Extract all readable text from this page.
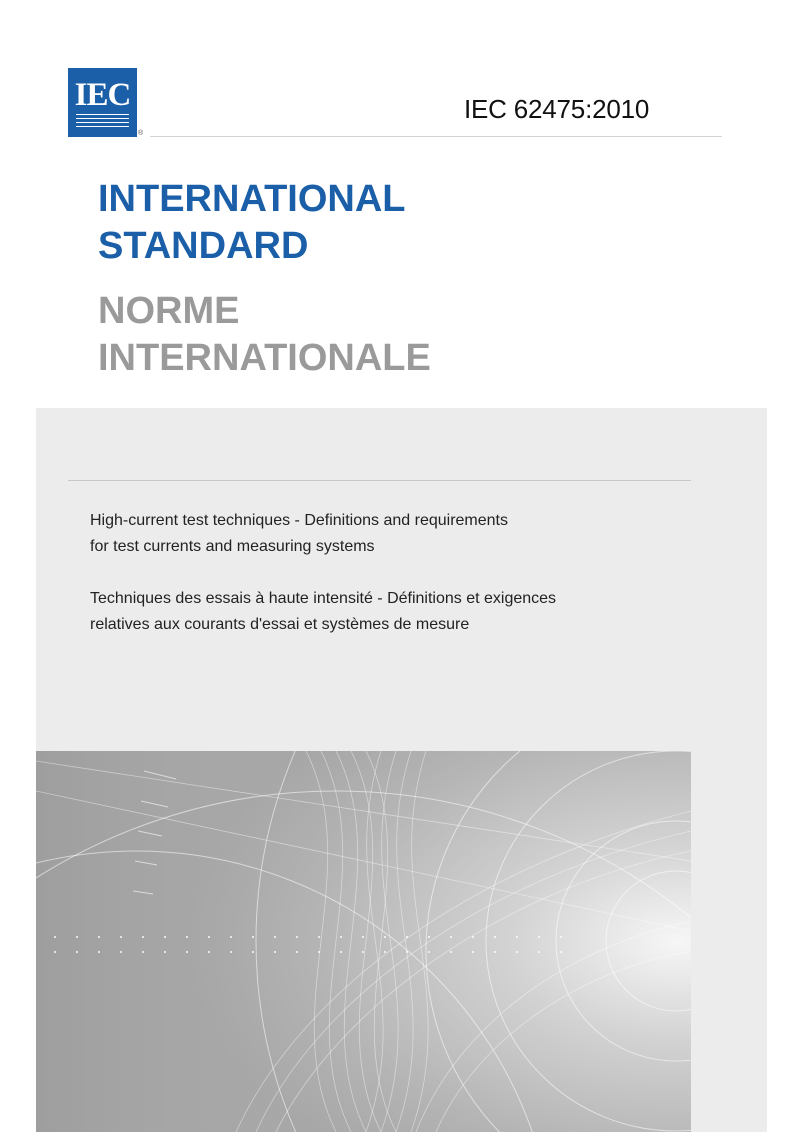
IEC
®
IEC 62475:2010
INTERNATIONAL
STANDARD
NORME
INTERNATIONALE
High-current test techniques - Definitions and requirements
for test currents and measuring systems
Techniques des essais à haute intensité - Définitions et exigences
relatives aux courants d'essai et systèmes de mesure
